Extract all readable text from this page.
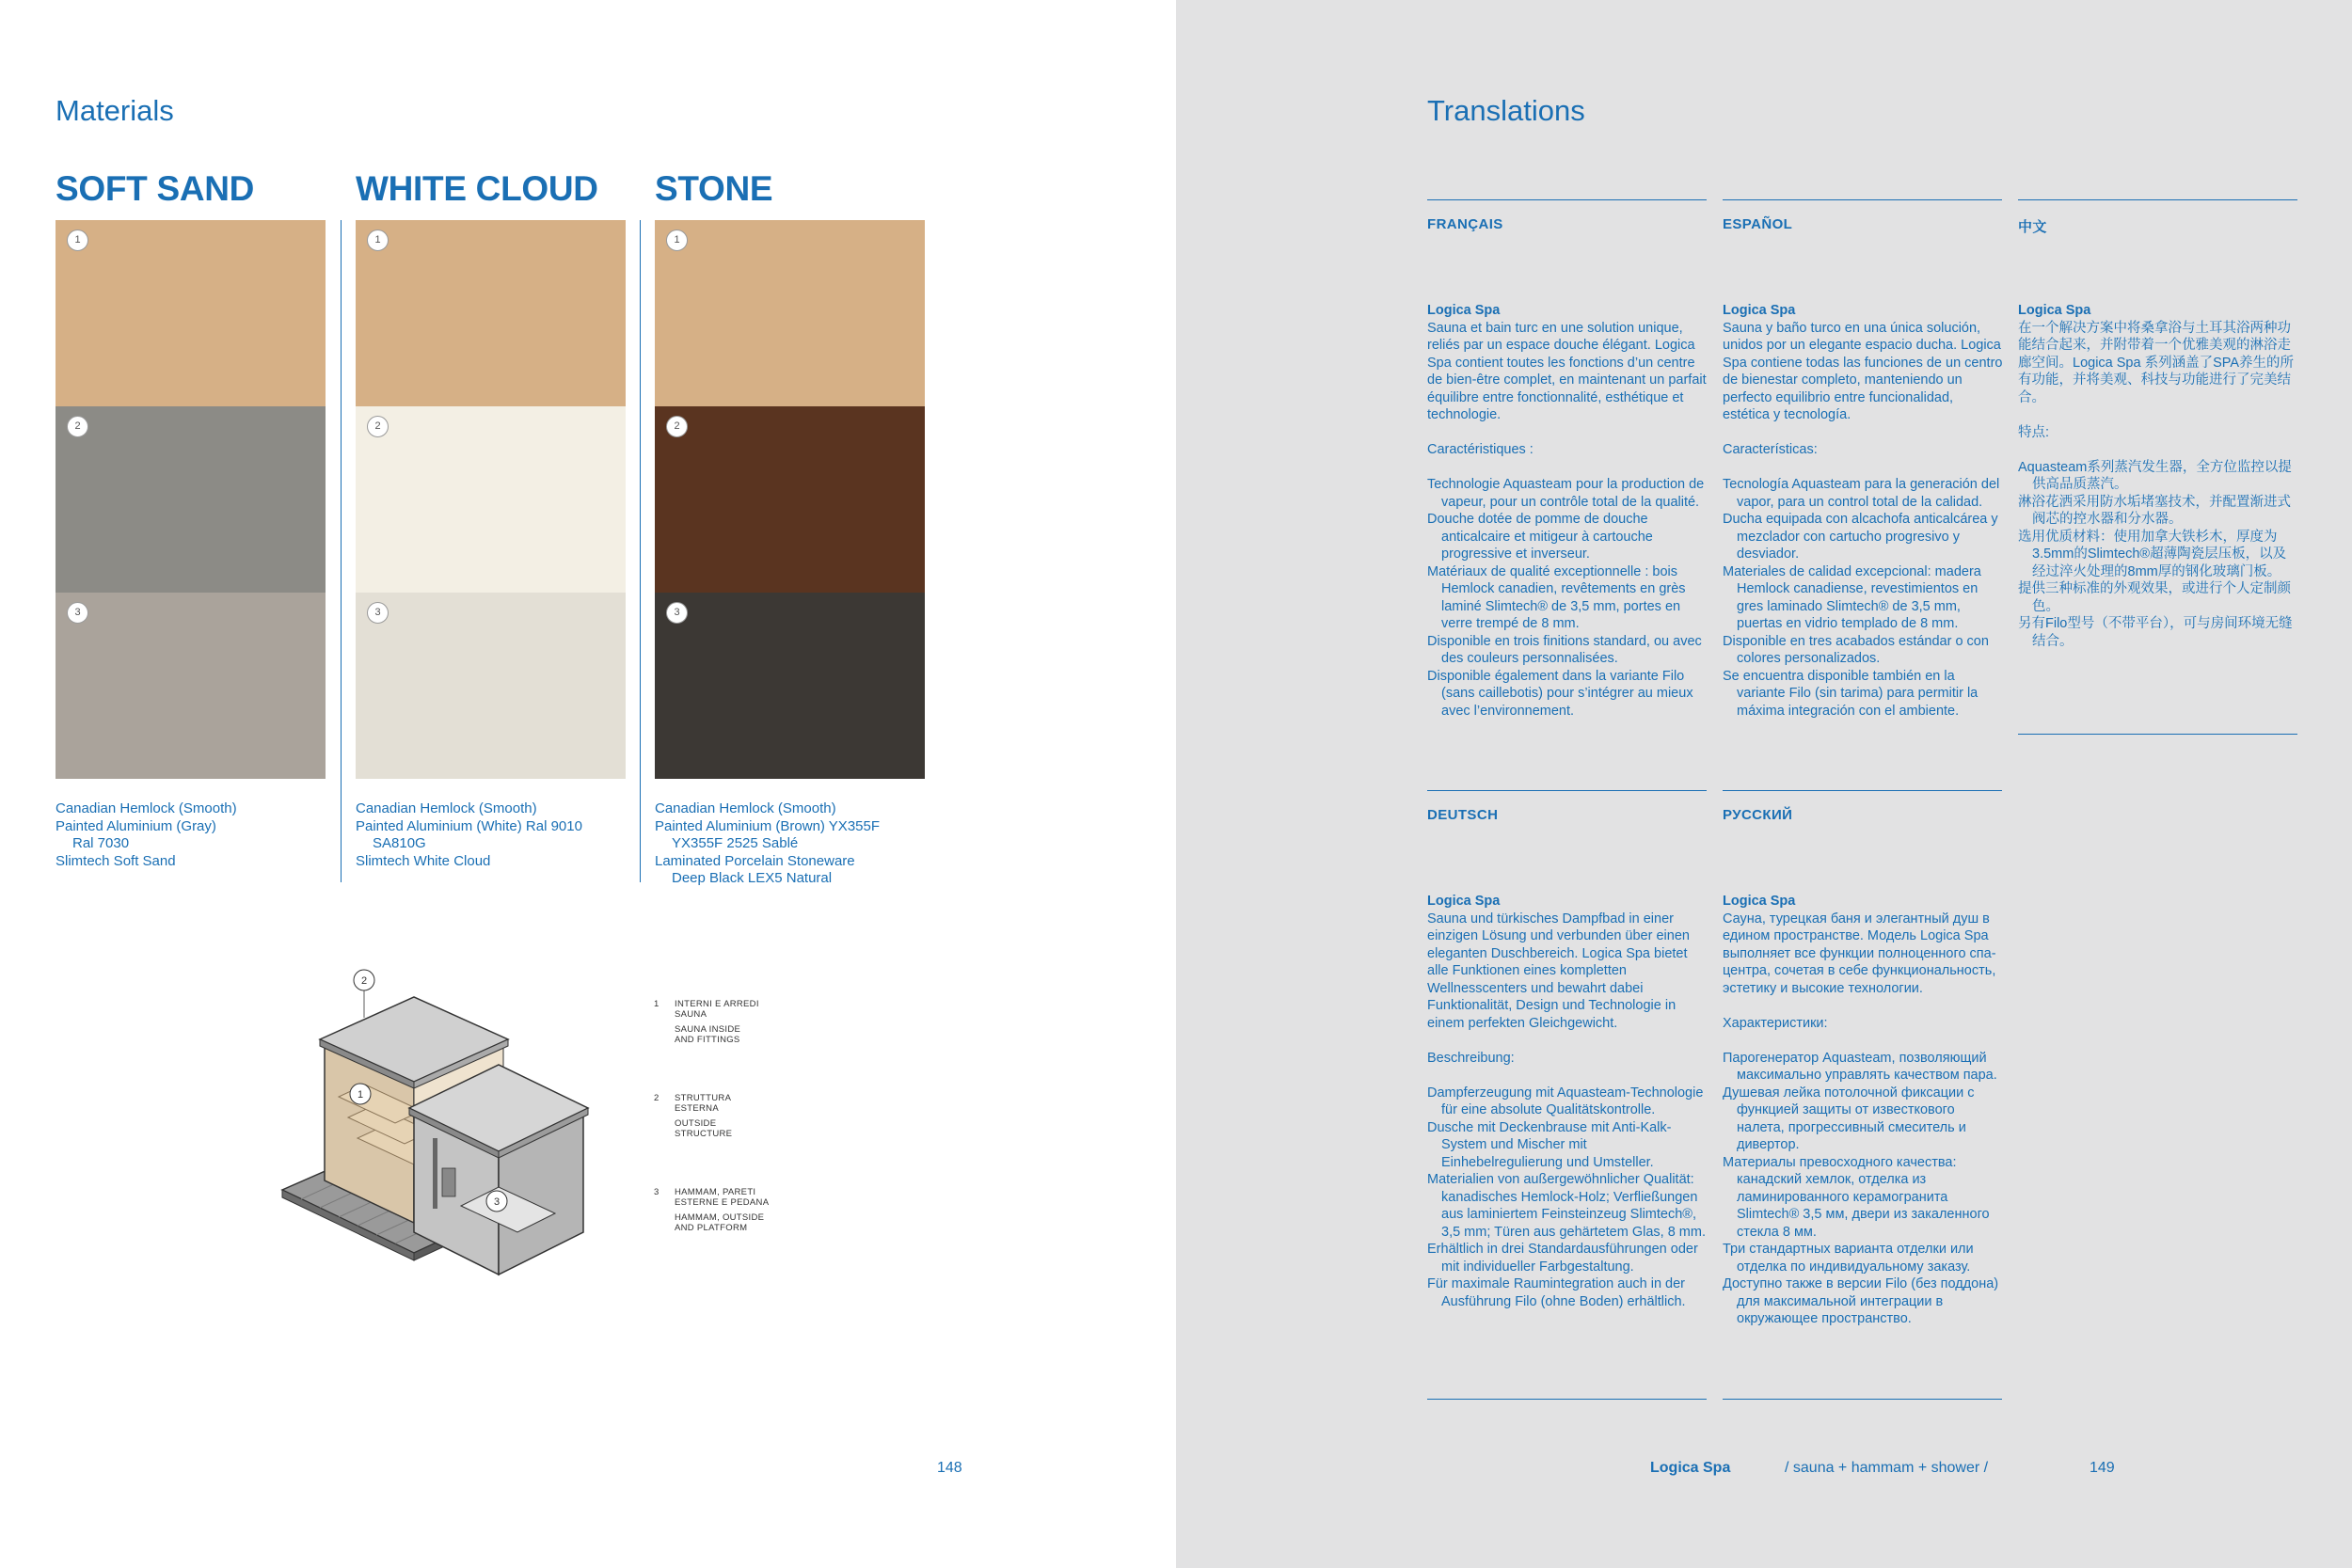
Materials
SOFT SAND	WHITE CLOUD STONE
1
2
3
1
2
3
1
2
3
Canadian Hemlock (Smooth)
Painted Aluminium (Gray)
Ral 7030
Slimtech Soft Sand
Canadian Hemlock (Smooth)
Painted Aluminium (White) Ral 9010
SA810G
Slimtech White Cloud
Canadian Hemlock (Smooth)
Painted Aluminium (Brown) YX355F
YX355F 2525 Sablé
Laminated Porcelain Stoneware
Deep Black LEX5 Natural
1
2
3
1 INTERNI E ARREDI
SAUNA
SAUNA INSIDE
AND FITTINGS
2 STRUTTURA
ESTERNA
OUTSIDE
STRUCTURE
3 HAMMAM, PARETI
ESTERNE E PEDANA
HAMMAM, OUTSIDE
AND PLATFORM
148
Translations
FRANÇAIS
Logica Spa
Sauna et bain turc en une solution unique, reliés par un espace douche élégant. Logica Spa contient toutes les fonctions d’un centre de bien-être complet, en maintenant un parfait équilibre entre fonctionnalité, esthétique et technologie.
Caractéristiques :
Technologie Aquasteam pour la production de vapeur, pour un contrôle total de la qualité.
Douche dotée de pomme de douche anticalcaire et mitigeur à cartouche progressive et inverseur.
Matériaux de qualité exceptionnelle : bois Hemlock canadien, revêtements en grès laminé Slimtech® de 3,5 mm, portes en verre trempé de 8 mm.
Disponible en trois finitions standard, ou avec des couleurs personnalisées.
Disponible également dans la variante Filo (sans caillebotis) pour s’intégrer au mieux avec l’environnement.
ESPAÑOL
Logica Spa
Sauna y baño turco en una única solución, unidos por un elegante espacio ducha. Logica Spa contiene todas las funciones de un centro de bienestar completo, manteniendo un perfecto equilibrio entre funcionalidad, estética y tecnología.
Características:
Tecnología Aquasteam para la generación del vapor, para un control total de la calidad.
Ducha equipada con alcachofa anticalcárea y mezclador con cartucho progresivo y desviador.
Materiales de calidad excepcional: madera Hemlock canadiense, revestimientos en gres laminado Slimtech® de 3,5 mm, puertas en vidrio templado de 8 mm.
Disponible en tres acabados estándar o con colores personalizados.
Se encuentra disponible también en la variante Filo (sin tarima) para permitir la máxima integración con el ambiente.
中文
Logica Spa
在一个解决方案中将桑拿浴与土耳其浴两种功能结合起来，并附带着一个优雅美观的淋浴走廊空间。Logica Spa 系列涵盖了SPA养生的所有功能，并将美观、科技与功能进行了完美结合。
特点:
Aquasteam系列蒸汽发生器，全方位监控以提供高品质蒸汽。
淋浴花洒采用防水垢堵塞技术，并配置渐进式阀芯的控水器和分水器。
选用优质材料：使用加拿大铁杉木，厚度为3.5mm的Slimtech®超薄陶瓷层压板，以及经过淬火处理的8mm厚的钢化玻璃门板。
提供三种标准的外观效果，或进行个人定制颜色。
另有Filo型号（不带平台），可与房间环境无缝结合。
DEUTSCH
Logica Spa
Sauna und türkisches Dampfbad in einer einzigen Lösung und verbunden über einen eleganten Duschbereich. Logica Spa bietet alle Funktionen eines kompletten Wellnesscenters und bewahrt dabei Funktionalität, Design und Technologie in einem perfekten Gleichgewicht.
Beschreibung:
Dampferzeugung mit Aquasteam-Technologie für eine absolute Qualitätskontrolle.
Dusche mit Deckenbrause mit Anti-Kalk-System und Mischer mit Einhebelregulierung und Umsteller.
Materialien von außergewöhnlicher Qualität: kanadisches Hemlock-Holz; Verfließungen aus laminiertem Feinsteinzeug Slimtech®, 3,5 mm; Türen aus gehärtetem Glas, 8 mm.
Erhältlich in drei Standardausführungen oder mit individueller Farbgestaltung.
Für maximale Raumintegration auch in der Ausführung Filo (ohne Boden) erhältlich.
РУССКИЙ
Logica Spa
Сауна, турецкая баня и элегантный душ в едином пространстве. Модель Logica Spa выполняет все функции полноценного спа-центра, сочетая в себе функциональность, эстетику и высокие технологии.
Характеристики:
Парогенератор Aquasteam, позволяющий максимально управлять качеством пара.
Душевая лейка потолочной фиксации с функцией защиты от известкового налета, прогрессивный смеситель и дивертор.
Материалы превосходного качества: канадский хемлок, отделка из ламинированного керамогранита Slimtech® 3,5 мм, двери из закаленного стекла 8 мм.
Три стандартных варианта отделки или отделка по индивидуальному заказу.
Доступно также в версии Filo (без поддона) для максимальной интеграции в окружающее пространство.
Logica Spa	/ sauna + hammam + shower /	149
